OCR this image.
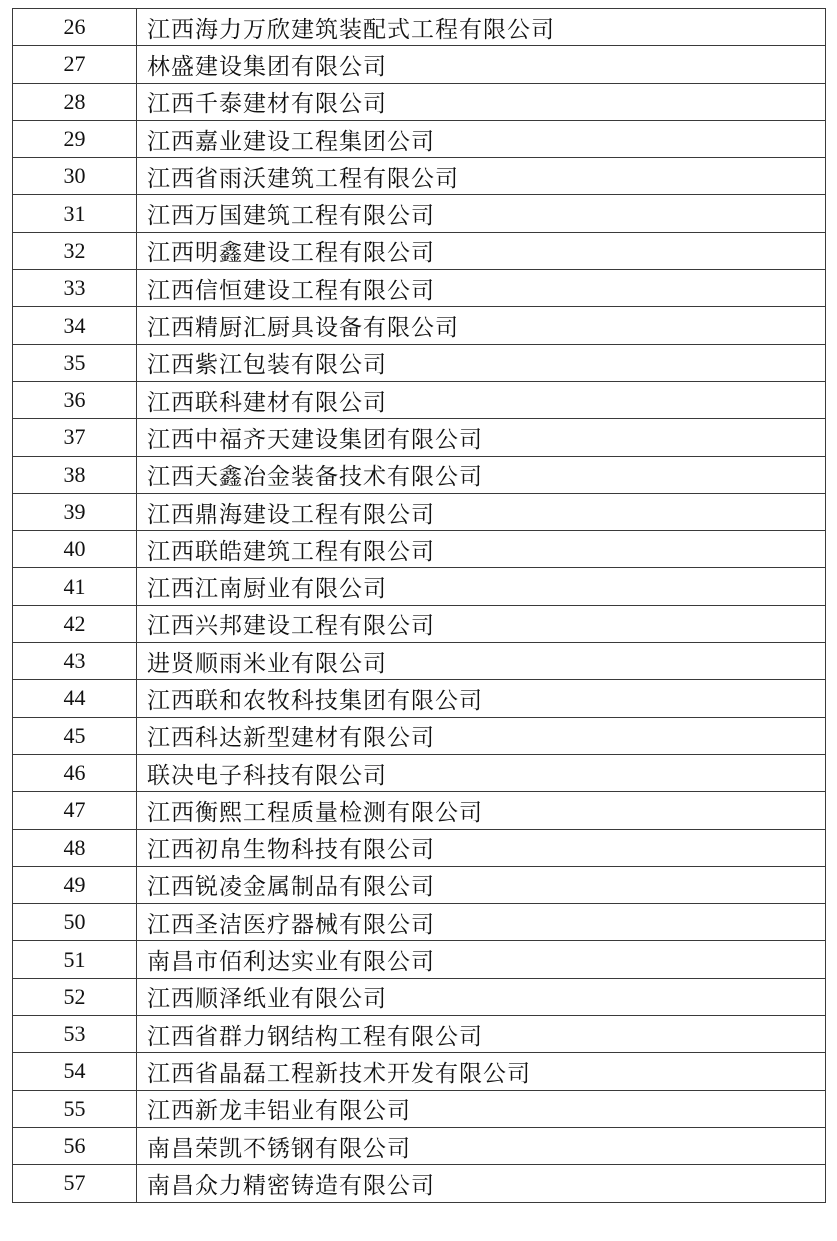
26	江西海力万欣建筑装配式工程有限公司
27	林盛建设集团有限公司
28	江西千泰建材有限公司
29	江西嘉业建设工程集团公司
30	江西省雨沃建筑工程有限公司
31	江西万国建筑工程有限公司
32	江西明鑫建设工程有限公司
33	江西信恒建设工程有限公司
34	江西精厨汇厨具设备有限公司
35	江西紫江包装有限公司
36	江西联科建材有限公司
37	江西中福齐天建设集团有限公司
38	江西天鑫冶金装备技术有限公司
39	江西鼎海建设工程有限公司
40	江西联皓建筑工程有限公司
41	江西江南厨业有限公司
42	江西兴邦建设工程有限公司
43	进贤顺雨米业有限公司
44	江西联和农牧科技集团有限公司
45	江西科达新型建材有限公司
46	联决电子科技有限公司
47	江西衡熙工程质量检测有限公司
48	江西初帛生物科技有限公司
49	江西锐凌金属制品有限公司
50	江西圣洁医疗器械有限公司
51	南昌市佰利达实业有限公司
52	江西顺泽纸业有限公司
53	江西省群力钢结构工程有限公司
54	江西省晶磊工程新技术开发有限公司
55	江西新龙丰铝业有限公司
56	南昌荣凯不锈钢有限公司
57	南昌众力精密铸造有限公司
